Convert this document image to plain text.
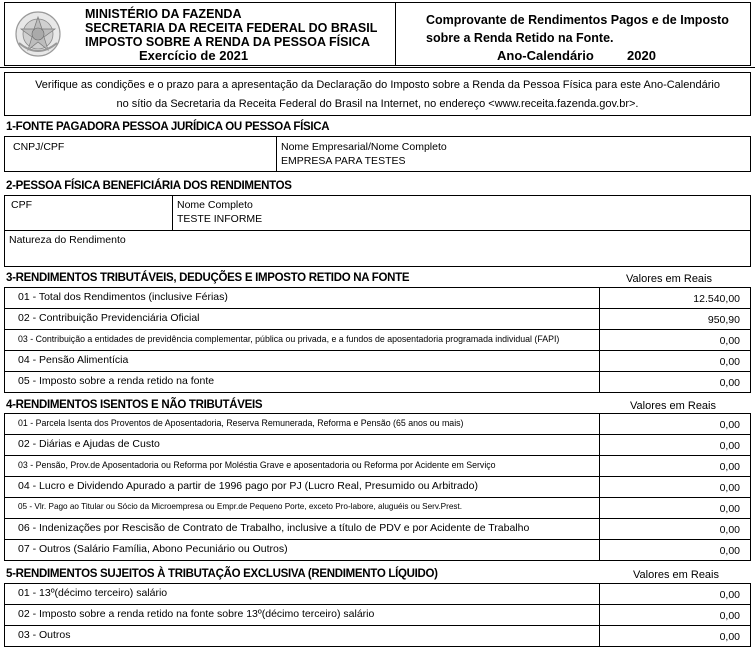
MINISTÉRIO DA FAZENDA
SECRETARIA DA RECEITA FEDERAL DO BRASIL
IMPOSTO SOBRE A RENDA DA PESSOA FÍSICA
Exercício de 2021
Comprovante de Rendimentos Pagos e de Imposto
sobre a Renda Retido na Fonte.
Ano-Calendário	2020
Verifique as condições e o prazo para a apresentação da Declaração do Imposto sobre a Renda da Pessoa Física para este Ano-Calendário
no sítio da Secretaria da Receita Federal do Brasil na Internet, no endereço <www.receita.fazenda.gov.br>.
1-FONTE PAGADORA PESSOA JURÍDICA OU PESSOA FÍSICA
CNPJ/CPF	Nome Empresarial/Nome Completo
EMPRESA PARA TESTES
2-PESSOA FÍSICA BENEFICIÁRIA DOS RENDIMENTOS
CPF	Nome Completo
TESTE INFORME
Natureza do Rendimento
3-RENDIMENTOS TRIBUTÁVEIS, DEDUÇÕES E IMPOSTO RETIDO NA FONTE	Valores em Reais
01 - Total dos Rendimentos (inclusive Férias)	12.540,00
02 - Contribuição Previdenciária Oficial	950,90
03 - Contribuição a entidades de previdência complementar, pública ou privada, e a fundos de aposentadoria programada individual (FAPI)	0,00
04 - Pensão Alimentícia	0,00
05 - Imposto sobre a renda retido na fonte	0,00
4-RENDIMENTOS ISENTOS E NÃO TRIBUTÁVEIS	Valores em Reais
01 - Parcela Isenta dos Proventos de Aposentadoria, Reserva Remunerada, Reforma e Pensão (65 anos ou mais)	0,00
02 - Diárias e Ajudas de Custo	0,00
03 - Pensão, Prov.de Aposentadoria ou Reforma por Moléstia Grave e aposentadoria ou Reforma por Acidente em Serviço	0,00
04 - Lucro e Dividendo Apurado a partir de 1996 pago por PJ (Lucro Real, Presumido ou Arbitrado)	0,00
05 - Vlr. Pago ao Titular ou Sócio da Microempresa ou Empr.de Pequeno Porte, exceto Pro-labore, aluguéis ou Serv.Prest.	0,00
06 - Indenizações por Rescisão de Contrato de Trabalho, inclusive a título de PDV e por Acidente de Trabalho	0,00
07 - Outros (Salário Família, Abono Pecuniário ou Outros)	0,00
5-RENDIMENTOS SUJEITOS À TRIBUTAÇÃO EXCLUSIVA (RENDIMENTO LÍQUIDO)	Valores em Reais
01 - 13º(décimo terceiro) salário	0,00
02 - Imposto sobre a renda retido na fonte sobre 13º(décimo terceiro) salário	0,00
03 - Outros	0,00
